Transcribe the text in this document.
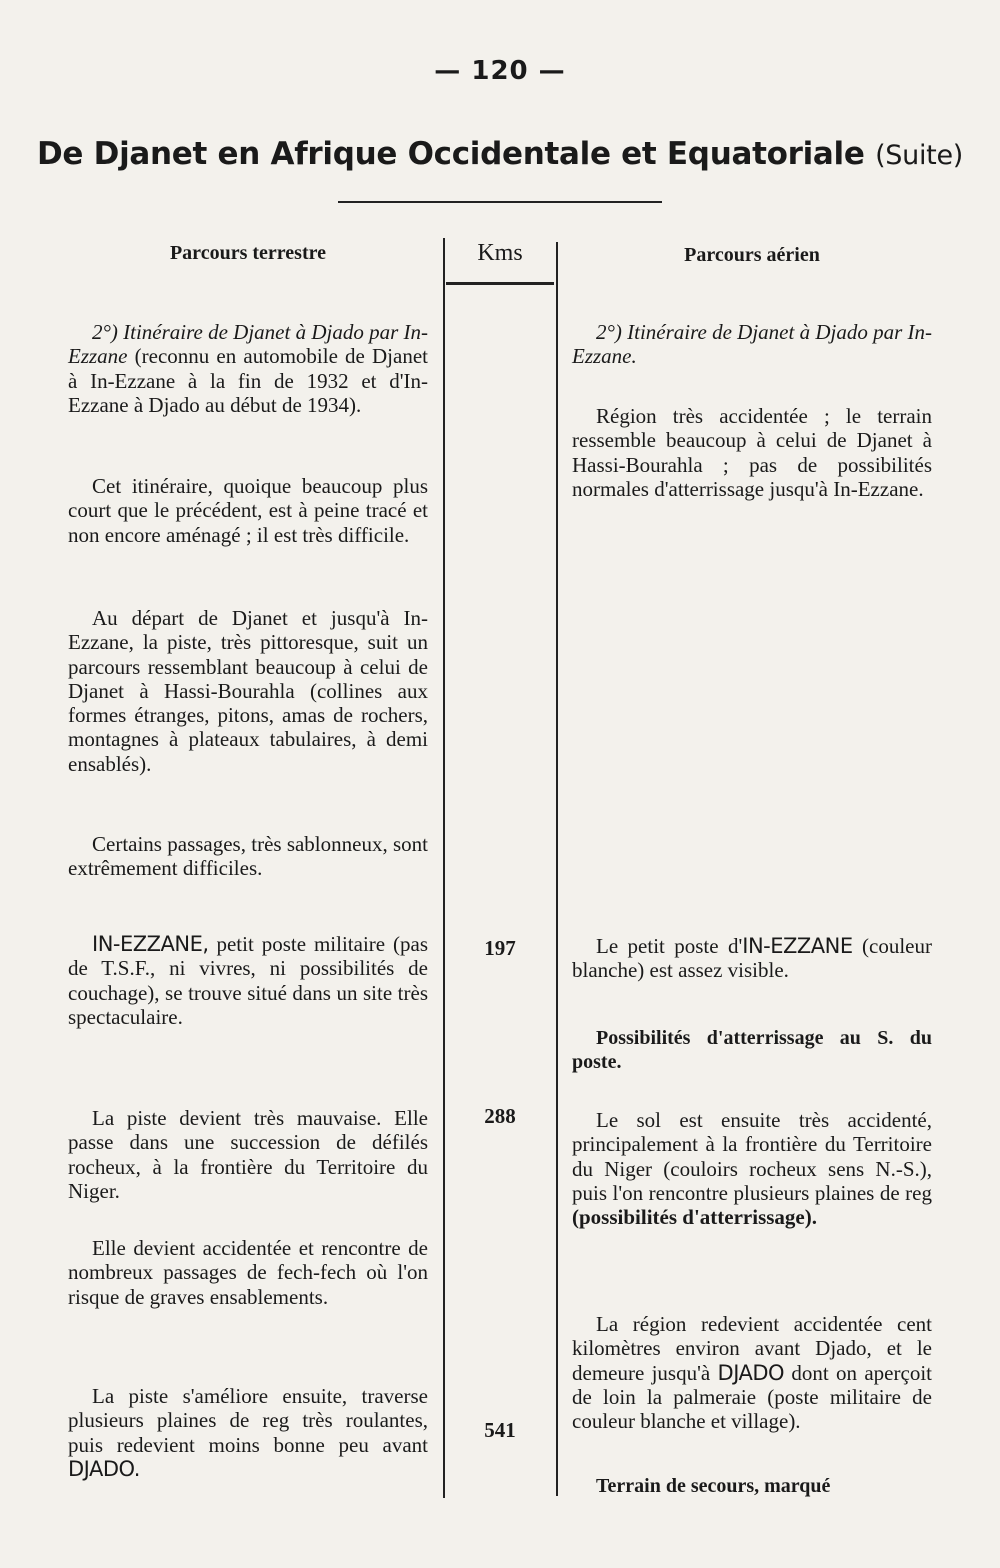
— 120 —
De Djanet en Afrique Occidentale et Equatoriale (Suite)
Parcours terrestre	Kms	Parcours aérien

2°) Itinéraire de Djanet à Djado par In-Ezzane (reconnu en automobile de Djanet à In-Ezzane à la fin de 1932 et d'In-Ezzane à Djado au début de 1934).

Cet itinéraire, quoique beaucoup plus court que le précédent, est à peine tracé et non encore aménagé ; il est très difficile.

Au départ de Djanet et jusqu'à In-Ezzane, la piste, très pittoresque, suit un parcours ressemblant beaucoup à celui de Djanet à Hassi-Bourahla (collines aux formes étranges, pitons, amas de rochers, montagnes à plateaux tabulaires, à demi ensablés).

Certains passages, très sablonneux, sont extrêmement difficiles.

IN-EZZANE, petit poste militaire (pas de T.S.F., ni vivres, ni possibilités de couchage), se trouve situé dans un site très spectaculaire.

La piste devient très mauvaise. Elle passe dans une succession de défilés rocheux, à la frontière du Territoire du Niger.

Elle devient accidentée et rencontre de nombreux passages de fech-fech où l'on risque de graves ensablements.

La piste s'améliore ensuite, traverse plusieurs plaines de reg très roulantes, puis redevient moins bonne peu avant DJADO.

197
288
541

2°) Itinéraire de Djanet à Djado par In-Ezzane.

Région très accidentée ; le terrain ressemble beaucoup à celui de Djanet à Hassi-Bourahla ; pas de possibilités normales d'atterrissage jusqu'à In-Ezzane.

Le petit poste d'IN-EZZANE (couleur blanche) est assez visible.

Possibilités d'atterrissage au S. du poste.

Le sol est ensuite très accidenté, principalement à la frontière du Territoire du Niger (couloirs rocheux sens N.-S.), puis l'on rencontre plusieurs plaines de reg (possibilités d'atterrissage).

La région redevient accidentée cent kilomètres environ avant Djado, et le demeure jusqu'à DJADO dont on aperçoit de loin la palmeraie (poste militaire de couleur blanche et village).

Terrain de secours, marqué
